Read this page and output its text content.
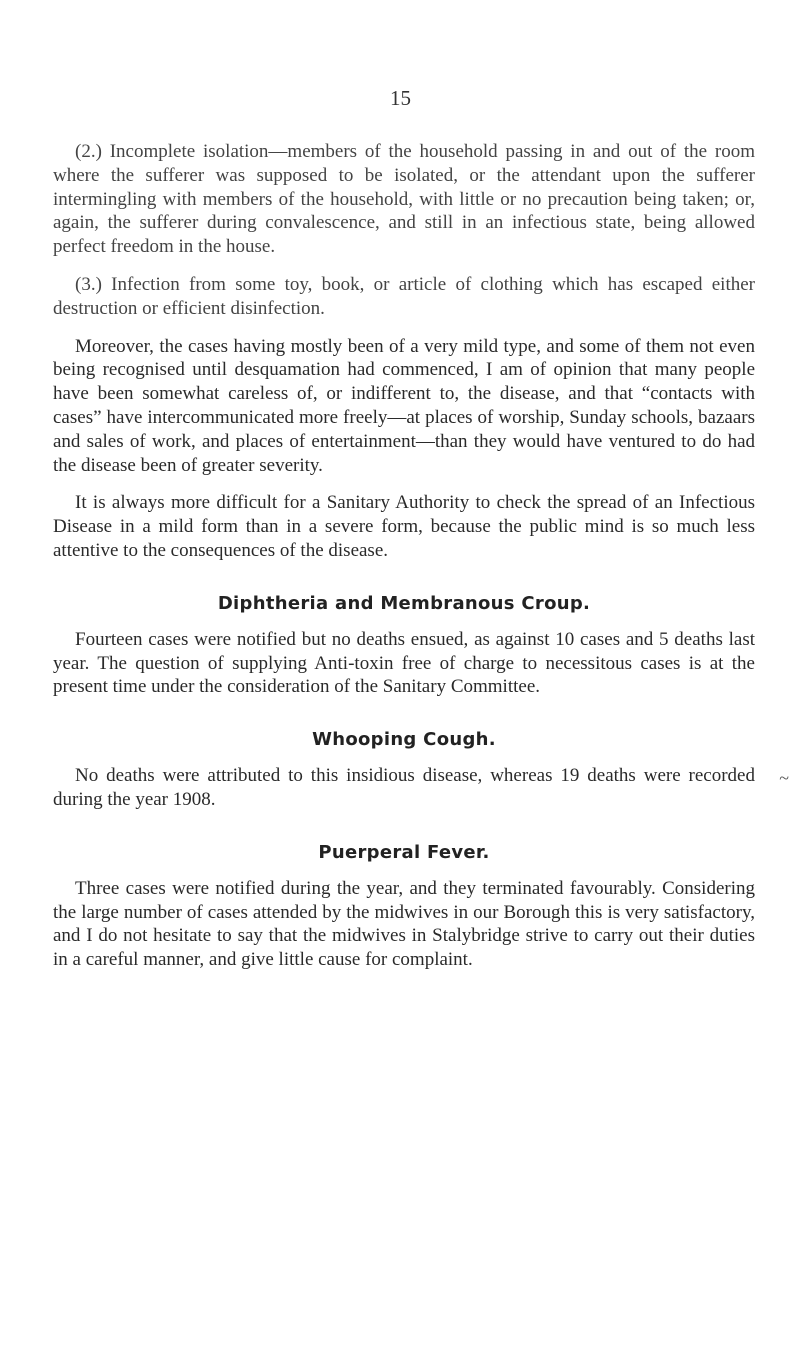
15

(2.) Incomplete isolation—members of the household passing in and out of the room where the sufferer was supposed to be isolated, or the attendant upon the sufferer intermingling with members of the household, with little or no precaution being taken; or, again, the sufferer during convalescence, and still in an infectious state, being allowed perfect freedom in the house.

(3.) Infection from some toy, book, or article of clothing which has escaped either destruction or efficient disinfection.

Moreover, the cases having mostly been of a very mild type, and some of them not even being recognised until desquamation had commenced, I am of opinion that many people have been somewhat careless of, or indifferent to, the disease, and that “contacts with cases” have intercommunicated more freely—at places of worship, Sunday schools, bazaars and sales of work, and places of entertainment—than they would have ventured to do had the disease been of greater severity.

It is always more difficult for a Sanitary Authority to check the spread of an Infectious Disease in a mild form than in a severe form, because the public mind is so much less attentive to the consequences of the disease.

Diphtheria and Membranous Croup.

Fourteen cases were notified but no deaths ensued, as against 10 cases and 5 deaths last year. The question of supplying Anti-toxin free of charge to necessitous cases is at the present time under the consideration of the Sanitary Committee.

Whooping Cough.

No deaths were attributed to this insidious disease, whereas 19 deaths were recorded during the year 1908.

Puerperal Fever.

Three cases were notified during the year, and they terminated favourably. Considering the large number of cases attended by the midwives in our Borough this is very satisfactory, and I do not hesitate to say that the midwives in Stalybridge strive to carry out their duties in a careful manner, and give little cause for complaint.

~
